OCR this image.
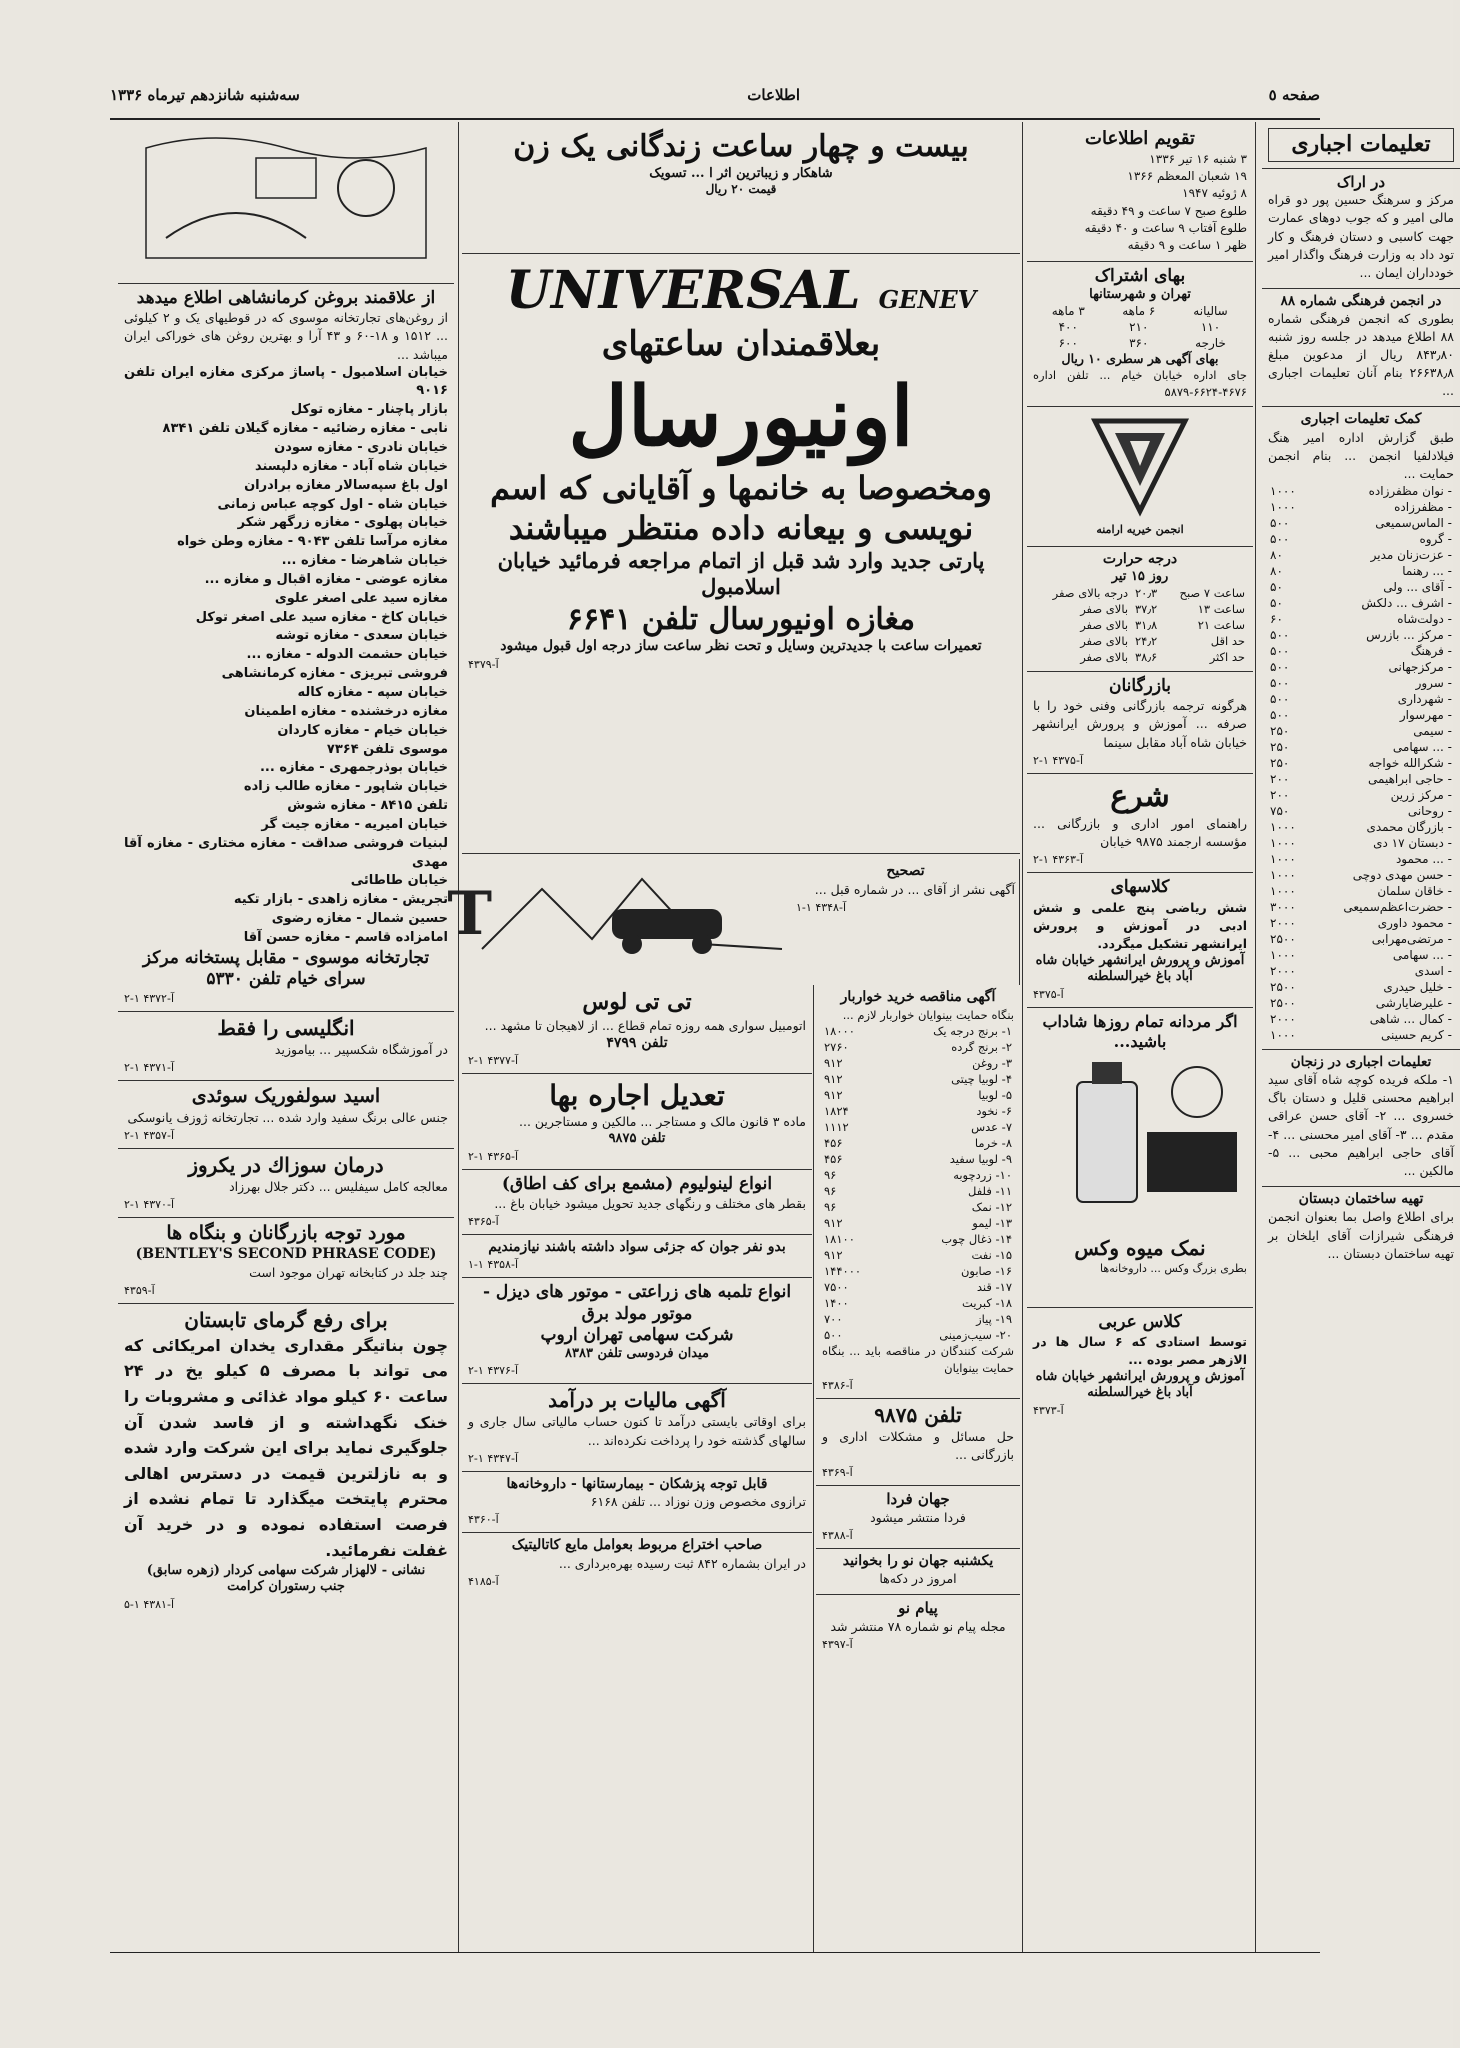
صفحه ٥
اطلاعات
سه‌شنبه شانزدهم تیرماه ۱۳۳۶
تعلیمات اجباری
در اراک
مرکز و سرهنگ حسین پور دو قراه مالی امیر و که جوب دوهای عمارت جهت کاسبی و دستان فرهنگ و کار تود داد به وزارت فرهنگ واگذار امیر خودداران ایمان ...
در انجمن فرهنگی شماره ۸۸
بطوری که انجمن فرهنگی شماره ۸۸ اطلاع میدهد در جلسه روز شنبه ۸۴۳٫۸۰ ریال از مدعوین مبلغ ۲۶۶۳۸٫۸ بنام آنان تعلیمات اجباری ...
کمک تعلیمات اجباری
طبق گزارش اداره امیر هنگ فیلادلفیا انجمن ... بنام انجمن حمایت ...
- نوان مظفرزاده	۱۰۰۰
- مظفرزاده	۱۰۰۰
- الماس‌سمیعی	۵۰۰
- گروه	۵۰۰
- عزت‌زنان مدیر	۸۰
- ... رهنما	۸۰
- آقای ... ولی	۵۰
- اشرف ... دلکش	۵۰
- دولت‌شاه	۶۰
- مرکز ... بازرس	۵۰۰
- فرهنگ	۵۰۰
- مرکز‌جهانی	۵۰۰
- سرور	۵۰۰
- شهرداری	۵۰۰
- مهرسوار	۵۰۰
- سیمی	۲۵۰
- ... سهامی	۲۵۰
- شکرالله خواجه	۲۵۰
- حاجی ابراهیمی	۲۰۰
- مرکز زرین	۲۰۰
- روحانی	۷۵۰
- بازرگان محمدی	۱۰۰۰
- دبستان ۱۷ دی	۱۰۰۰
- ... محمود	۱۰۰۰
- حسن مهدی دوچی	۱۰۰۰
- خاقان سلمان	۱۰۰۰
- حضرت‌اعظم‌سمیعی	۳۰۰۰
- محمود داوری	۲۰۰۰
- مرتضی‌مهرابی	۲۵۰۰
- ... سهامی	۱۰۰۰
- اسدی	۲۰۰۰
- خلیل حیدری	۲۵۰۰
- علیرضا‌یارشی	۲۵۰۰
- کمال ... شاهی	۲۰۰۰
- کریم حسینی	۱۰۰۰
تعلیمات اجباری در زنجان
۱- ملکه فریده کوچه شاه آقای سید ابراهیم محسنی قلیل و دستان باگ خسروی ... ۲- آقای حسن عراقی مقدم ... ۳- آقای امیر محسنی ... ۴- آقای حاجی ابراهیم محبی ... ۵- مالکین ...
تهیه ساختمان دبستان
برای اطلاع واصل بما بعنوان انجمن فرهنگی شیرازات آقای ایلخان بر تهیه ساختمان دبستان ...
تقویم اطلاعات
۳ شنبه ۱۶ تیر ۱۳۳۶
۱۹ شعبان المعظم ۱۳۶۶
۸ ژوئیه ۱۹۴۷
طلوع صبح ۷ ساعت و ۴۹ دقیقه
طلوع آفتاب ۹ ساعت و ۴۰ دقیقه
ظهر ۱ ساعت و ۹ دقیقه
بهای اشتراک
تهران و شهرستانها
ساليانه	۶ ماهه	۳ ماهه
۱۱۰	۲۱۰	۴۰۰
خارجه	۳۶۰	۶۰۰
بهای آگهی هر سطری ۱۰ ریال
جای اداره خیابان خیام ... تلفن اداره ۴۶۷۶-۶۶۲۴-۵۸۷۹
انجمن خیریه ارامنه
درجه حرارت
روز ۱۵ تیر
ساعت ۷ صبح	۲۰٫۳	درجه بالای صفر
ساعت ۱۳	۳۷٫۲	بالای صفر
ساعت ۲۱	۳۱٫۸	بالای صفر
حد اقل	۲۴٫۲	بالای صفر
حد اکثر	۳۸٫۶	بالای صفر
بازرگانان
هرگونه ترجمه بازرگانی وفنی خود را با صرفه ... آموزش و پرورش ایرانشهر خیابان شاه آباد مقابل سینما
آ-۴۳۷۵ ۱-۲
شرع
راهنمای امور اداری و بازرگانی ... مؤسسه ارجمند ۹۸۷۵ خیابان
آ-۴۳۶۳ ۱-۲
کلاسهای
شش ریاضی پنج علمی و شش ادبی در آموزش و پرورش ایرانشهر تشکیل میگردد.
آموزش و پرورش ایرانشهر خیابان شاه آباد باغ خیرالسلطنه
آ-۴۳۷۵
اگر مردانه تمام روزها شاداب باشید...
نمک میوه وکس
بطری بزرگ وکس ... داروخانه‌ها
کلاس عربی
توسط استادی که ۶ سال ها در الازهر مصر بوده ...
آموزش و پرورش ایرانشهر خیابان شاه آباد باغ خیرالسلطنه
آ-۴۳۷۳
بیست و چهار ساعت زندگانی یک زن
شاهکار و زیباترین اثر ا ... تسویک
قیمت ۲۰ ریال
UNIVERSAL GENEV
بعلاقمندان ساعتهای
اونیورسال
ومخصوصا به خانمها و آقایانی که اسم
نویسی و بیعانه داده منتظر میباشند
پارتی جدید وارد شد قبل از اتمام مراجعه فرمائید خیابان اسلامبول
مغازه اونیورسال تلفن ۶۶۴۱
تعمیرات ساعت با جدیدترین وسایل و تحت نظر ساعت ساز درجه اول قبول میشود
آ-۴۳۷۹
T
تصحیح
آگهی نشر از آقای ... در شماره قبل ...
آ-۴۳۴۸ ۱-۱
تی تی لوس
اتومبیل سواری همه روزه تمام قطاع ... از لاهیجان تا مشهد ...
تلفن ۴۷۹۹
آ-۴۳۷۷ ۱-۲
تعدیل اجاره بها
ماده ۳ قانون مالک و مستاجر ... مالکین و مستاجرین ...
تلفن ۹۸۷۵
آ-۴۳۶۵ ۱-۲
انواع لینولیوم (مشمع برای کف اطاق)
بقطر های مختلف و رنگهای جدید تحویل میشود خیابان باغ ...
آ-۴۳۶۵
بدو نفر جوان که جزئی سواد داشته باشند نیازمندیم
آ-۴۳۵۸ ۱-۱
انواع تلمبه های زراعتی - موتور های دیزل - موتور مولد برق
شرکت سهامی تهران اروپ
میدان فردوسی تلفن ۸۳۸۳
آ-۴۳۷۶ ۱-۲
آگهی مالیات بر درآمد
برای اوقاتی بایستی درآمد تا کنون حساب مالیاتی سال جاری و سالهای گذشته خود را پرداخت نکرده‌اند ...
آ-۴۳۴۷ ۱-۲
قابل توجه پزشکان - بیمارستانها - داروخانه‌ها
ترازوی مخصوص وزن نوزاد ... تلفن ۶۱۶۸
آ-۴۳۶۰
صاحب اختراع مربوط بعوامل مایع کاتالیتیک
در ایران بشماره ۸۴۲ ثبت رسیده بهره‌برداری ...
آ-۴۱۸۵
آگهی مناقصه خرید خواربار
بنگاه حمایت بینوایان خواربار لازم ...
۱- برنج درجه یک	۱۸۰۰۰
۲- برنج گرده	۲۷۶۰
۳- روغن	۹۱۲
۴- لوبیا چیتی	۹۱۲
۵- لوبیا	۹۱۲
۶- نخود	۱۸۲۴
۷- عدس	۱۱۱۲
۸- خرما	۴۵۶
۹- لوبیا سفید	۴۵۶
۱۰- زردچوبه	۹۶
۱۱- فلفل	۹۶
۱۲- نمک	۹۶
۱۳- لیمو	۹۱۲
۱۴- ذغال چوب	۱۸۱۰۰
۱۵- نفت	۹۱۲
۱۶- صابون	۱۴۴۰۰۰
۱۷- قند	۷۵۰۰
۱۸- کبریت	۱۴۰۰
۱۹- پیاز	۷۰۰
۲۰- سیب‌زمینی	۵۰۰
شرکت کنندگان در مناقصه باید ... بنگاه حمایت بینوایان
آ-۴۳۸۶
تلفن ۹۸۷۵
حل مسائل و مشکلات اداری و بازرگانی ...
آ-۴۳۶۹
جهان فردا
فردا منتشر میشود
آ-۴۳۸۸
یکشنبه جهان نو را بخوانید
امروز در دکه‌ها
پیام نو
مجله پیام نو شماره ۷۸ منتشر شد
آ-۴۳۹۷
از علاقمند بروغن کرمانشاهی اطلاع میدهد
از روغن‌های تجارتخانه موسوی که در قوطیهای یک و ۲ کیلوئی ... ۱۵۱۲ و ۱۸-۶۰ و ۴۳ آرا و بهترین روغن های خوراکی ایران میباشد ...
خیابان اسلامبول - پاساژ مرکزی مغازه ایران تلفن ۹۰۱۶
بازار پاچنار - مغازه توکل
نابی - مغازه رضائیه - مغازه گیلان تلفن ۸۳۴۱
خیابان نادری - مغازه سودن
خیابان شاه آباد - مغازه دلپسند
اول باغ سپه‌سالار مغازه برادران
خیابان شاه - اول کوچه عباس زمانی
خیابان پهلوی - مغازه زرگهر شکر
مغازه مرآسا تلفن ۹۰۴۳ - مغازه وطن خواه
خیابان شاهرضا - مغازه ...
مغازه عوضی - مغازه اقبال و مغازه ...
مغازه سید علی اصغر علوی
خیابان کاخ - مغازه سید علی اصغر توکل
خیابان سعدی - مغازه توشه
خیابان حشمت الدوله - مغازه ...
فروشی تبریزی - مغازه کرمانشاهی
خیابان سپه - مغازه کاله
مغازه درخشنده - مغازه اطمینان
خیابان خیام - مغازه کاردان
موسوی تلفن ۷۳۶۴
خیابان بوذرجمهری - مغازه ...
خیابان شاپور - مغازه طالب زاده
تلفن ۸۴۱۵ - مغازه شوش
خیابان امیریه - مغازه جیت گر
لبنیات فروشی صداقت - مغازه مختاری - مغازه آقا مهدی
خیابان طاطائی
تجریش - مغازه زاهدی - بازار تکیه
حسین شمال - مغازه رضوی
امامزاده قاسم - مغازه حسن آقا
تجارتخانه موسوی - مقابل پستخانه مرکز
سرای خیام تلفن ۵۳۳۰
آ-۴۳۷۲ ۱-۲
انگلیسی را فقط
در آموزشگاه شکسپیر ... بیاموزید
آ-۴۳۷۱ ۱-۲
اسید سولفوریک سوئدی
جنس عالی برنگ سفید وارد شده ... تجارتخانه ژوزف یانوسکی
آ-۴۳۵۷ ۱-۲
درمان سوزاك در یکروز
معالجه کامل سیفلیس ... دکتر جلال بهرزاد
آ-۴۳۷۰ ۱-۲
مورد توجه بازرگانان و بنگاه ها
(BENTLEY'S SECOND PHRASE CODE)
چند جلد در کتابخانه تهران موجود است
آ-۴۳۵۹
برای رفع گرمای تابستان
چون بناتیگر مقداری یخدان امریکائی که می تواند با مصرف ۵ کیلو یخ در ۲۴ ساعت ۶۰ کیلو مواد غذائی و مشروبات را خنک نگهداشته و از فاسد شدن آن جلوگیری نماید برای این شرکت وارد شده و به نازلترین قیمت در دسترس اهالی محترم پایتخت میگذارد تا تمام نشده از فرصت استفاده نموده و در خرید آن غفلت نفرمائید.
نشانی - لالهزار شرکت سهامی کردار (زهره سابق)
جنب رستوران کرامت
آ-۴۳۸۱ ۱-۵
